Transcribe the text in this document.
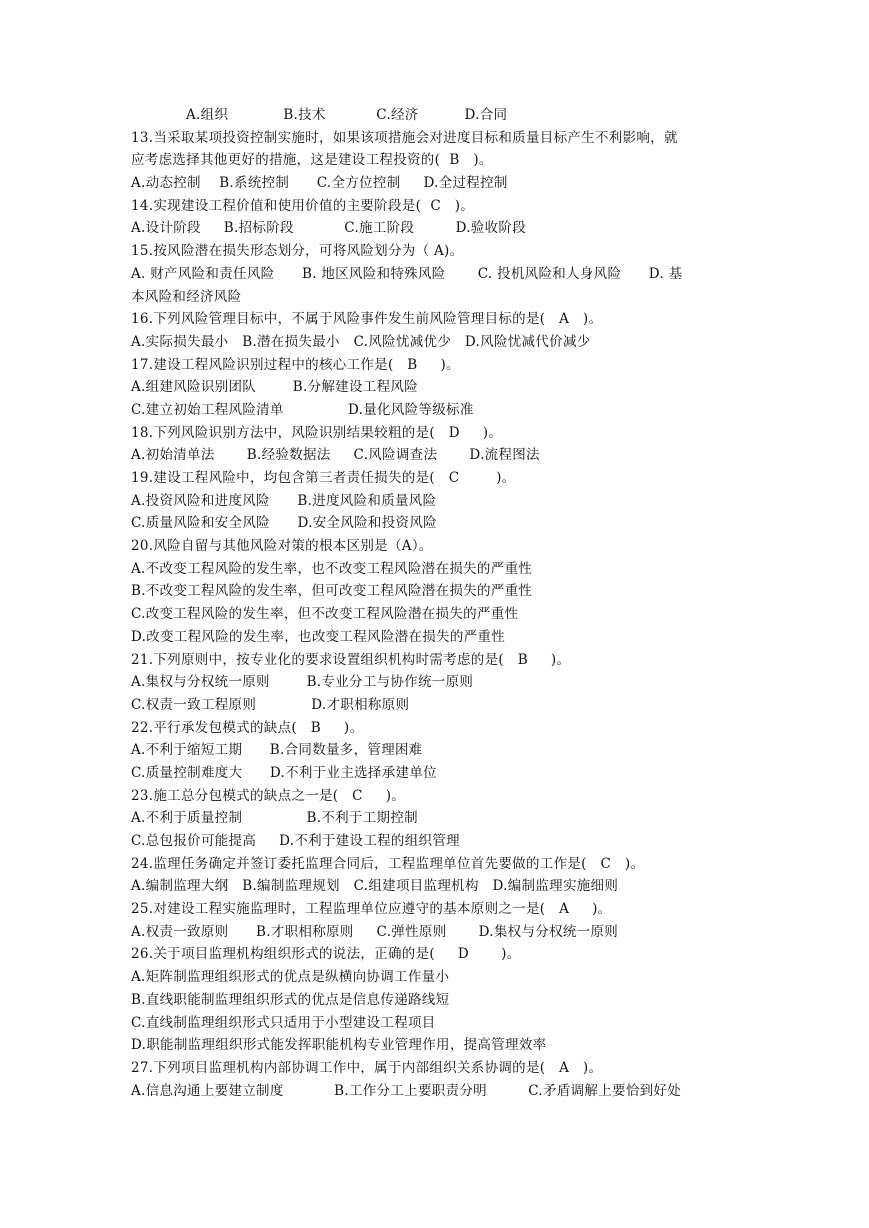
A.组织            B.技术           C.经济          D.合同
13.当采取某项投资控制实施时，如果该项措施会对进度目标和质量目标产生不利影响，就
应考虑选择其他更好的措施，这是建设工程投资的(  B   )。
A.动态控制    B.系统控制      C.全方位控制     D.全过程控制
14.实现建设工程价值和使用价值的主要阶段是(  C   )。
A.设计阶段     B.招标阶段           C.施工阶段         D.验收阶段
15.按风险潜在损失形态划分，可将风险划分为（ A)。
A. 财产风险和责任风险      B. 地区风险和特殊风险       C. 投机风险和人身风险      D. 基
本风险和经济风险
16.下列风险管理目标中，不属于风险事件发生前风险管理目标的是(   A   )。
A.实际损失最小   B.潜在损失最小   C.风险忧减优少   D.风险忧减代价减少
17.建设工程风险识别过程中的核心工作是(   B     )。
A.组建风险识别团队        B.分解建设工程风险
C.建立初始工程风险清单              D.量化风险等级标准
18.下列风险识别方法中，风险识别结果较粗的是(   D     )。
A.初始清单法       B.经验数据法     C.风险调查法       D.流程图法
19.建设工程风险中，均包含第三者责任损失的是(   C        )。
A.投资风险和进度风险      B.进度风险和质量风险
C.质量风险和安全风险      D.安全风险和投资风险
20.风险自留与其他风险对策的根本区别是（A）。
A.不改变工程风险的发生率，也不改变工程风险潜在损失的严重性
B.不改变工程风险的发生率，但可改变工程风险潜在损失的严重性
C.改变工程风险的发生率，但不改变工程风险潜在损失的严重性
D.改变工程风险的发生率，也改变工程风险潜在损失的严重性
21.下列原则中，按专业化的要求设置组织机构时需考虑的是(   B     )。
A.集权与分权统一原则        B.专业分工与协作统一原则
C.权责一致工程原则            D.才职相称原则
22.平行承发包模式的缺点(   B     )。
A.不利于缩短工期      B.合同数量多，管理困难
C.质量控制难度大      D.不利于业主选择承建单位
23.施工总分包模式的缺点之一是(   C     )。
A.不利于质量控制              B.不利于工期控制
C.总包报价可能提高     D.不利于建设工程的组织管理
24.监理任务确定并签订委托监理合同后，工程监理单位首先要做的工作是(   C   )。
A.编制监理大纲   B.编制监理规划   C.组建项目监理机构   D.编制监理实施细则
25.对建设工程实施监理时，工程监理单位应遵守的基本原则之一是(   A     )。
A.权责一致原则      B.才职相称原则     C.弹性原则       D.集权与分权统一原则
26.关于项目监理机构组织形式的说法，正确的是(     D       )。
A.矩阵制监理组织形式的优点是纵横向协调工作量小
B.直线职能制监理组织形式的优点是信息传递路线短
C.直线制监理组织形式只适用于小型建设工程项目
D.职能制监理组织形式能发挥职能机构专业管理作用，提高管理效率
27.下列项目监理机构内部协调工作中，属于内部组织关系协调的是(   A   )。
A.信息沟通上要建立制度           B.工作分工上要职责分明         C.矛盾调解上要恰到好处
